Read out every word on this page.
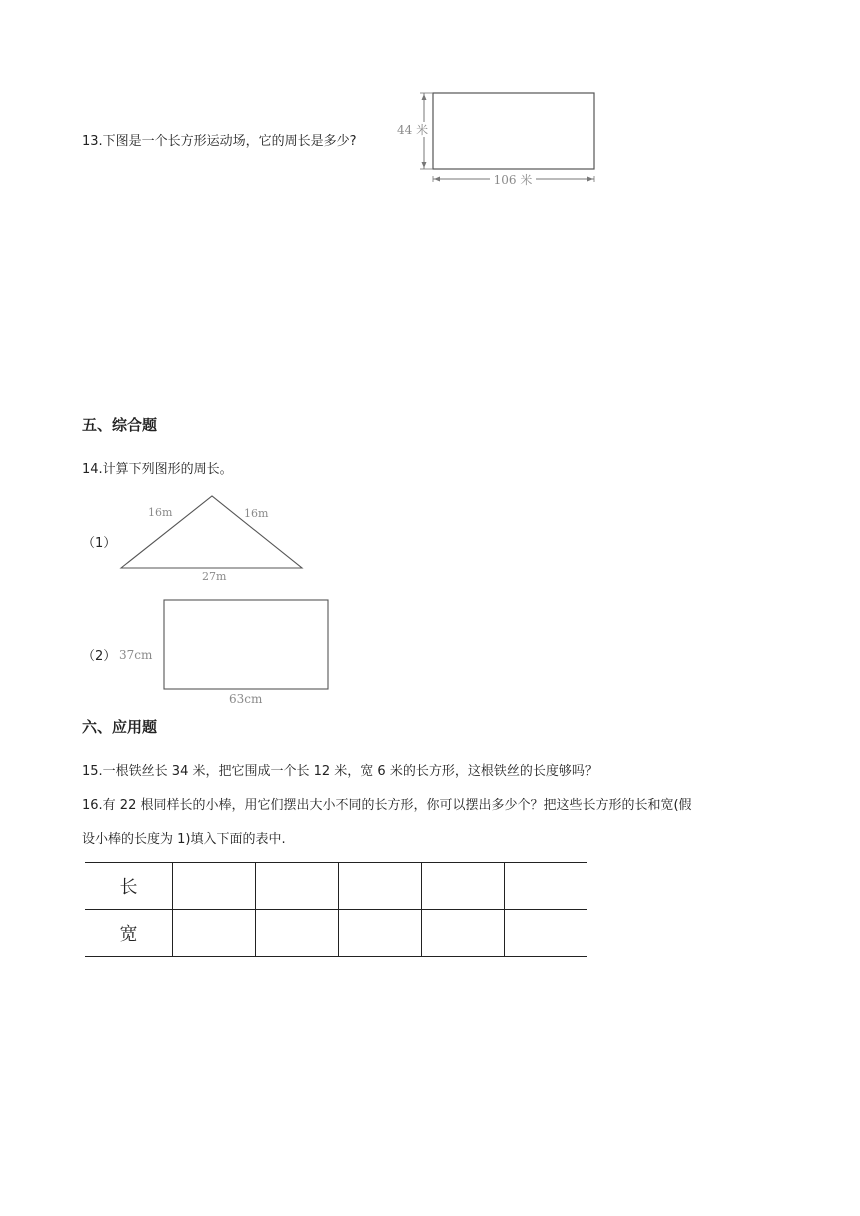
13.下图是一个长方形运动场，它的周长是多少?
44 米
106 米
五、综合题
14.计算下列图形的周长。
（1）
16m	16m
27m
（2） 37cm
63cm
六、应用题
15.一根铁丝长 34 米，把它围成一个长 12 米，宽 6 米的长方形，这根铁丝的长度够吗？
16.有 22 根同样长的小棒，用它们摆出大小不同的长方形，你可以摆出多少个？把这些长方形的长和宽(假
设小棒的长度为 1)填入下面的表中.
长					
宽					
